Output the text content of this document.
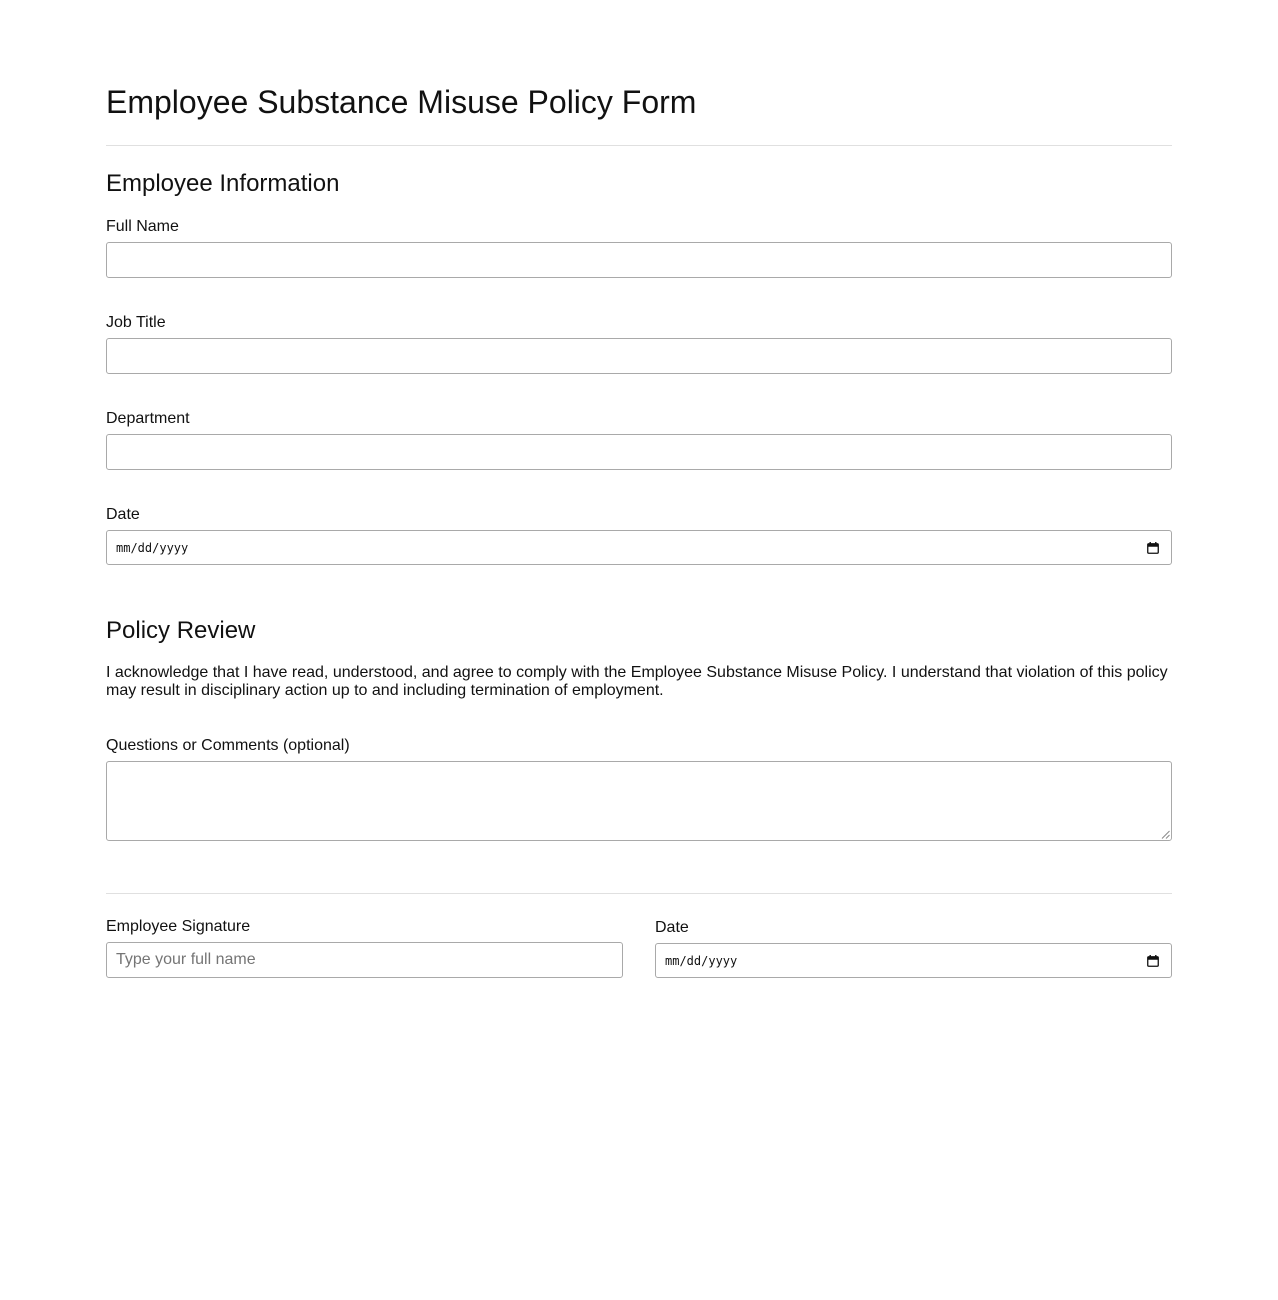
Employee Substance Misuse Policy Form
Employee Information
Full Name
Job Title
Department
Date
mm/dd/yyyy
Policy Review
I acknowledge that I have read, understood, and agree to comply with the Employee Substance Misuse Policy. I understand that violation of this policy may result in disciplinary action up to and including termination of employment.
Questions or Comments (optional)
Employee Signature
Type your full name
Date
mm/dd/yyyy
